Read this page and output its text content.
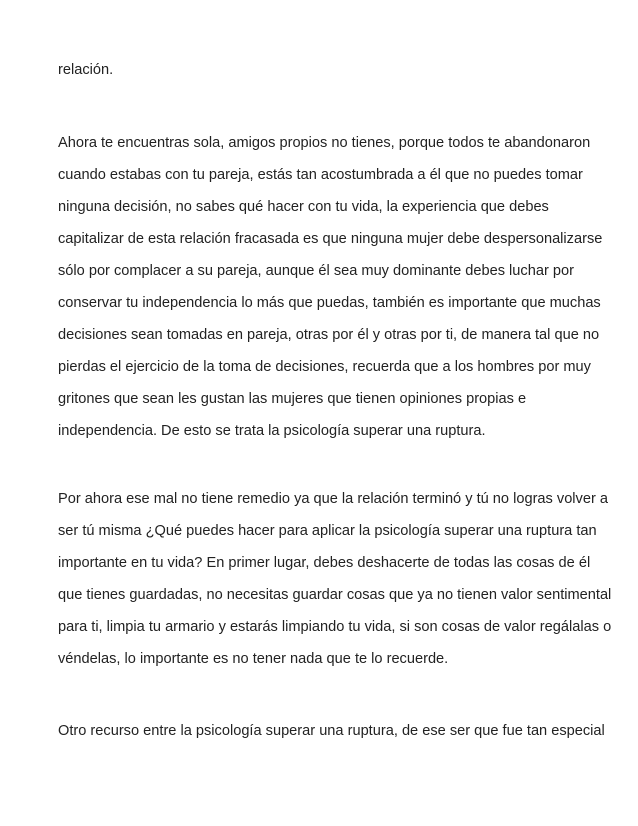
relación.
Ahora te encuentras sola, amigos propios no tienes, porque todos te abandonaron
cuando estabas con tu pareja, estás tan acostumbrada a él que no puedes tomar
ninguna decisión, no sabes qué hacer con tu vida, la experiencia que debes
capitalizar de esta relación fracasada es que ninguna mujer debe despersonalizarse
sólo por complacer a su pareja, aunque él sea muy dominante debes luchar por
conservar tu independencia lo más que puedas, también es importante que muchas
decisiones sean tomadas en pareja, otras por él y otras por ti, de manera tal que no
pierdas el ejercicio de la toma de decisiones, recuerda que a los hombres por muy
gritones que sean les gustan las mujeres que tienen opiniones propias e
independencia. De esto se trata la psicología superar una ruptura.
Por ahora ese mal no tiene remedio ya que la relación terminó y tú no logras volver a
ser tú misma ¿Qué puedes hacer para aplicar la psicología superar una ruptura tan
importante en tu vida? En primer lugar, debes deshacerte de todas las cosas de él
que tienes guardadas, no necesitas guardar cosas que ya no tienen valor sentimental
para ti, limpia tu armario y estarás limpiando tu vida, si son cosas de valor regálalas o
véndelas, lo importante es no tener nada que te lo recuerde.
Otro recurso entre la psicología superar una ruptura, de ese ser que fue tan especial
